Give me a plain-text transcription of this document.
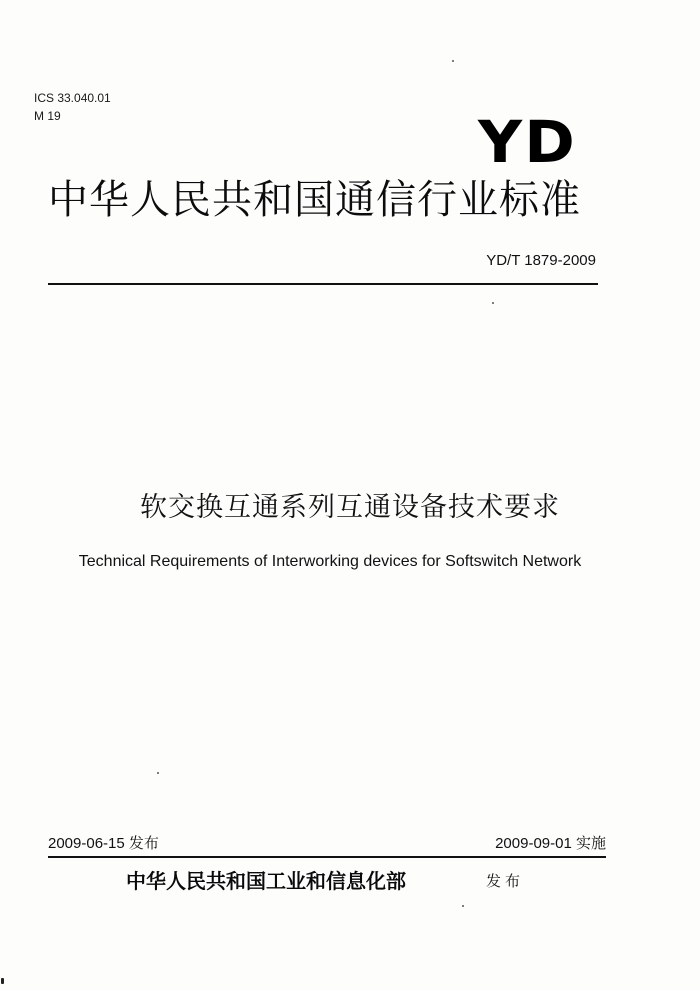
ICS 33.040.01
M 19	YD
中华人民共和国通信行业标准
YD/T 1879-2009
软交换互通系列互通设备技术要求
Technical Requirements of Interworking devices for Softswitch Network
2009-06-15 发布	2009-09-01 实施
中华人民共和国工业和信息化部	发布
